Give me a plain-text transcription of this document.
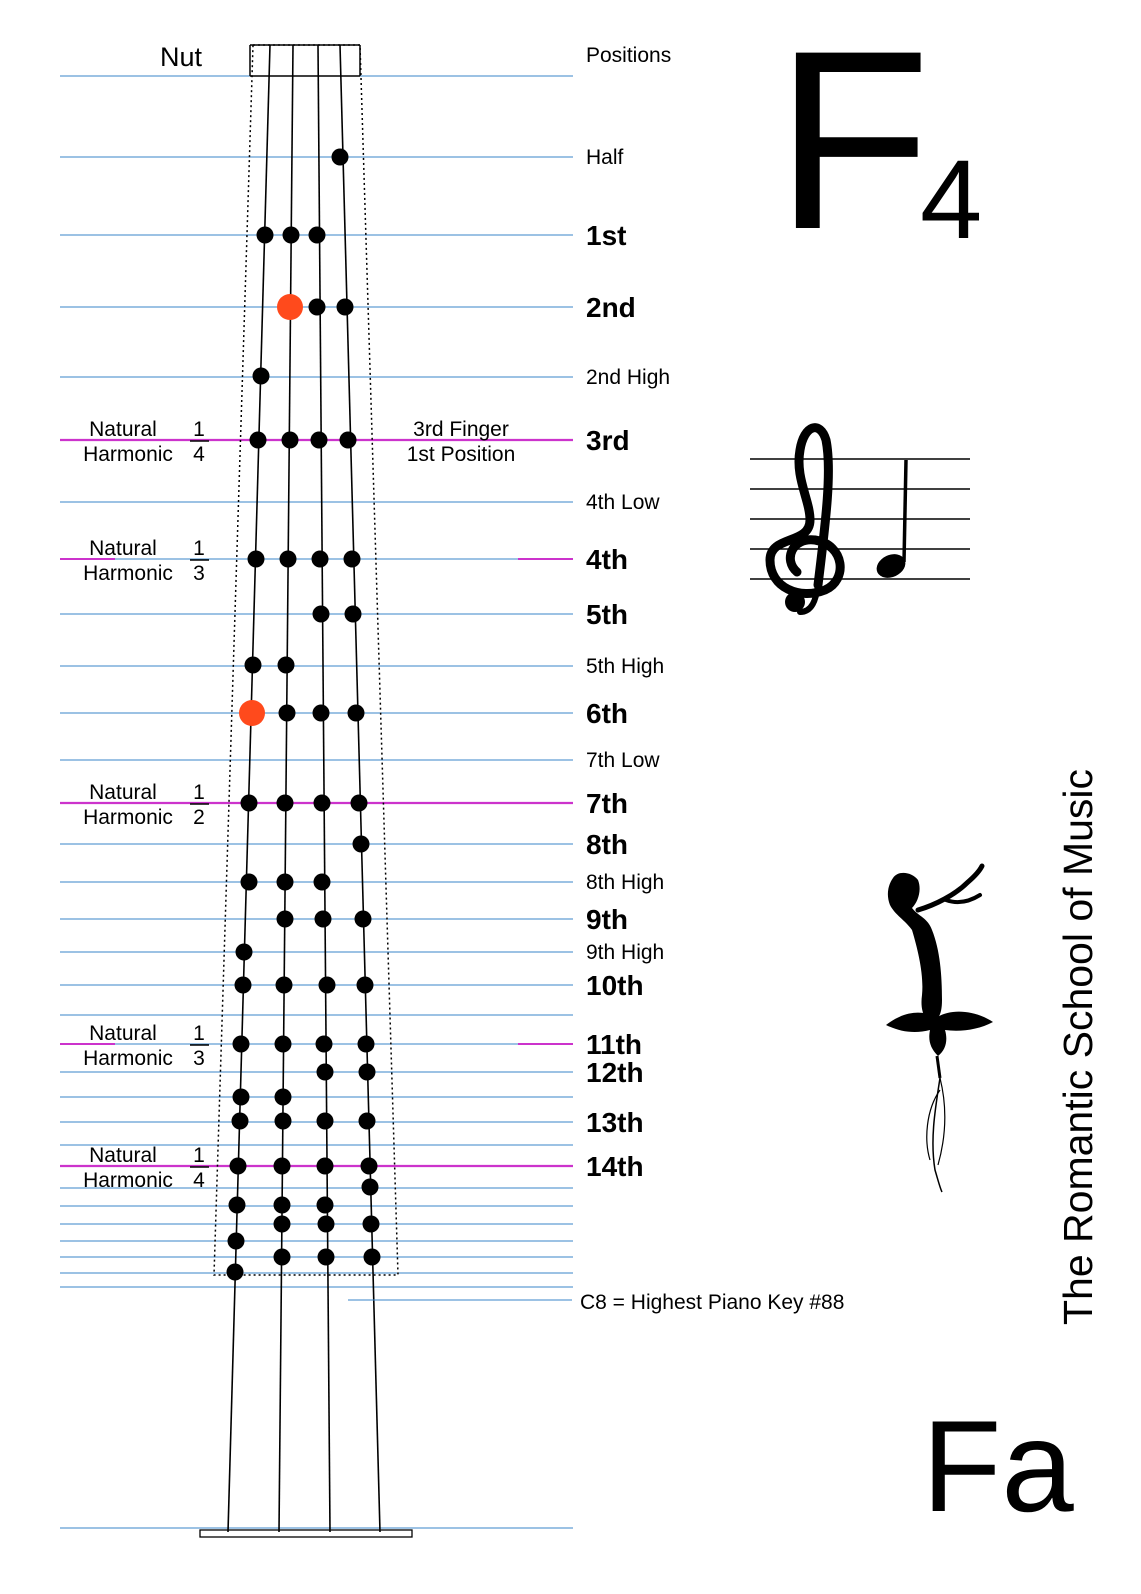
Nut	Positions
Half
1st
2nd
2nd High
3rd
4th Low
4th
5th
5th High
6th
7th Low
7th
8th
8th High
9th
9th High
10th
11th
12th
13th
14th
Natural
Harmonic
1
4
Natural
Harmonic
1
3
Natural
Harmonic
1
2
Natural
Harmonic
1
3
Natural
Harmonic
1
4
3rd Finger
1st Position
C8 = Highest Piano Key #88
F
4
The Romantic School of Music
Fa
